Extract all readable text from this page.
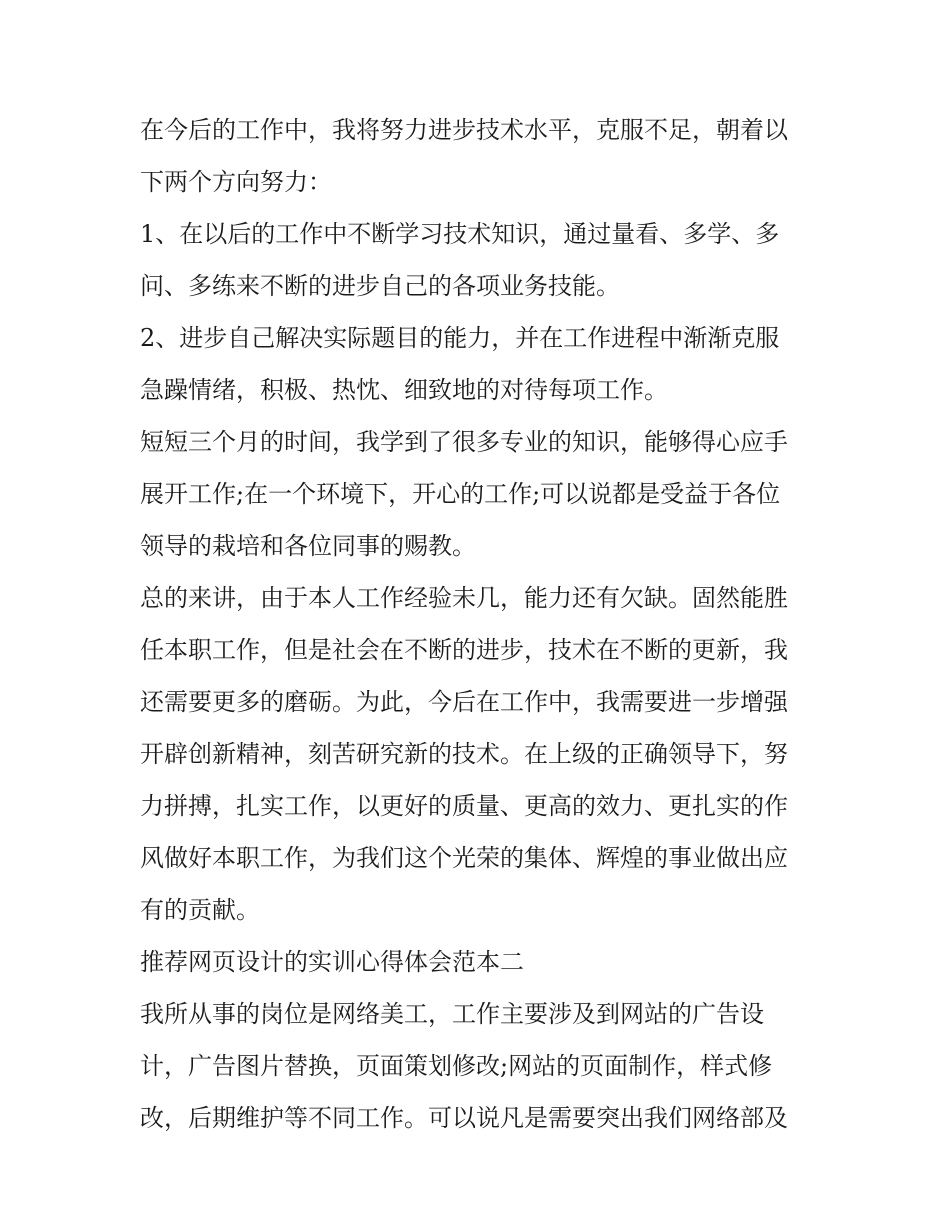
在今后的工作中，我将努力进步技术水平，克服不足，朝着以

下两个方向努力：

1、在以后的工作中不断学习技术知识，通过量看、多学、多

问、多练来不断的进步自己的各项业务技能。

2、进步自己解决实际题目的能力，并在工作进程中渐渐克服

急躁情绪，积极、热忱、细致地的对待每项工作。

短短三个月的时间，我学到了很多专业的知识，能够得心应手

展开工作;在一个环境下，开心的工作;可以说都是受益于各位

领导的栽培和各位同事的赐教。

总的来讲，由于本人工作经验未几，能力还有欠缺。固然能胜

任本职工作，但是社会在不断的进步，技术在不断的更新，我

还需要更多的磨砺。为此，今后在工作中，我需要进一步增强

开辟创新精神，刻苦研究新的技术。在上级的正确领导下，努

力拼搏，扎实工作，以更好的质量、更高的效力、更扎实的作

风做好本职工作，为我们这个光荣的集体、辉煌的事业做出应

有的贡献。

推荐网页设计的实训心得体会范本二

我所从事的岗位是网络美工，工作主要涉及到网站的广告设

计，广告图片替换，页面策划修改;网站的页面制作，样式修

改，后期维护等不同工作。可以说凡是需要突出我们网络部及
